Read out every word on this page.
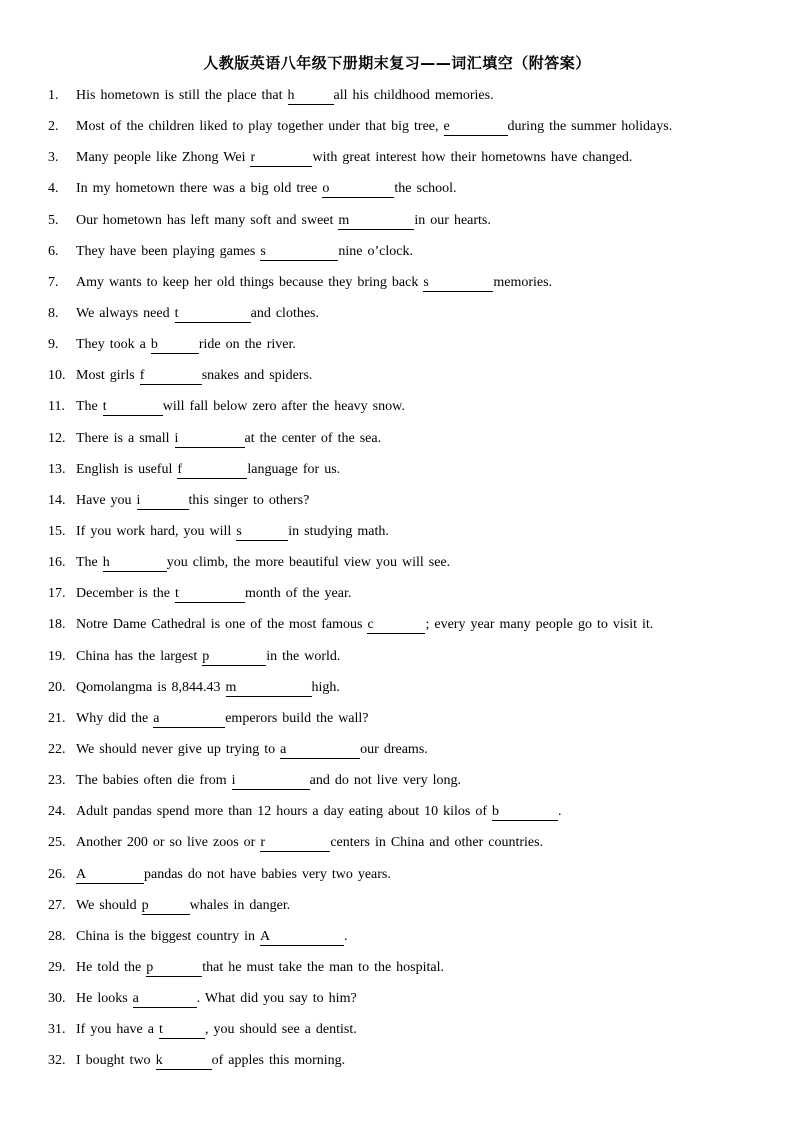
人教版英语八年级下册期末复习——词汇填空（附答案）
1.	His hometown is still the place that h	all his childhood memories.
2.	Most of the children liked to play together under that big tree, e	during the summer holidays.
3.	Many people like Zhong Wei r	with great interest how their hometowns have changed.
4.	In my hometown there was a big old tree o	the school.
5.	Our hometown has left many soft and sweet m	in our hearts.
6.	They have been playing games s	nine o’clock.
7.	Amy wants to keep her old things because they bring back s	memories.
8.	We always need t	and clothes.
9.	They took a b	ride on the river.
10. Most girls f	snakes and spiders.
11. The t	will fall below zero after the heavy snow.
12. There is a small i	at the center of the sea.
13. English is useful f	language for us.
14. Have you i	this singer to others?
15. If you work hard, you will s	in studying math.
16. The h	you climb, the more beautiful view you will see.
17. December is the t	month of the year.
18. Notre Dame Cathedral is one of the most famous c	; every year many people go to visit it.
19. China has the largest p	in the world.
20. Qomolangma is 8,844.43 m	high.
21. Why did the a	emperors build the wall?
22. We should never give up trying to a	our dreams.
23. The babies often die from i	and do not live very long.
24. Adult pandas spend more than 12 hours a day eating about 10 kilos of b	.
25. Another 200 or so live zoos or r	centers in China and other countries.
26. A	pandas do not have babies very two years.
27. We should p	whales in danger.
28. China is the biggest country in A	.
29. He told the p	that he must take the man to the hospital.
30. He looks a	. What did you say to him?
31. If you have a t	, you should see a dentist.
32. I bought two k	of apples this morning.
